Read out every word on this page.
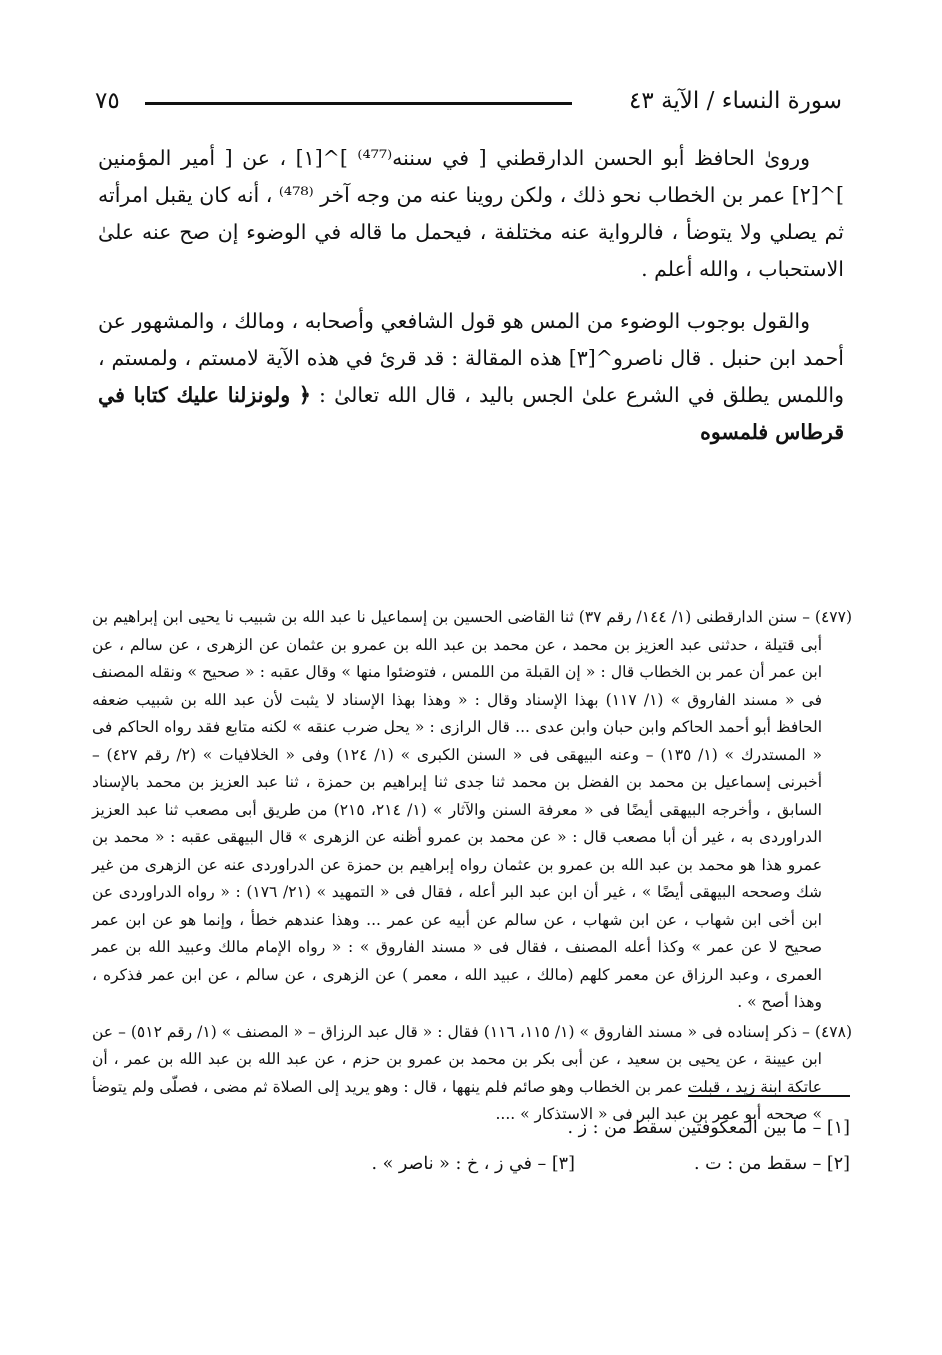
سورة النساء / الآية ٤٣
٧٥

ورویٰ الحافظ أبو الحسن الدارقطني [ في سننه⁽⁴⁷⁷⁾ ]^[١] ، عن [ أمير المؤمنين ]^[٢] عمر بن الخطاب نحو ذلك ، ولكن روينا عنه من وجه آخر ⁽⁴⁷⁸⁾ ، أنه كان يقبل امرأته ثم يصلي ولا يتوضأ ، فالرواية عنه مختلفة ، فيحمل ما قاله في الوضوء إن صح عنه علىٰ الاستحباب ، والله أعلم .

والقول بوجوب الوضوء من المس هو قول الشافعي وأصحابه ، ومالك ، والمشهور عن أحمد ابن حنبل . قال ناصرو^[٣] هذه المقالة : قد قرئ في هذه الآية لامستم ، ولمستم ، واللمس يطلق في الشرع علىٰ الجس باليد ، قال الله تعالىٰ : ﴿ ولونزلنا عليك كتابا في قرطاس فلمسوه

(٤٧٧) – سنن الدارقطنى (١/ ١٤٤/ رقم ٣٧) ثنا القاضى الحسين بن إسماعيل نا عبد الله بن شبيب نا يحيى ابن إبراهيم بن أبى قتيلة ، حدثنى عبد العزيز بن محمد ، عن محمد بن عبد الله بن عمرو بن عثمان عن الزهرى ، عن سالم ، عن ابن عمر أن عمر بن الخطاب قال : « إن القبلة من اللمس ، فتوضئوا منها » وقال عقبه : « صحيح » ونقله المصنف فى « مسند الفاروق » (١/ ١١٧) بهذا الإسناد وقال : « وهذا بهذا الإسناد لا يثبت لأن عبد الله بن شبيب ضعفه الحافظ أبو أحمد الحاكم وابن حبان وابن عدى ... قال الرازى : « يحل ضرب عنقه » لكنه متابع فقد رواه الحاكم فى « المستدرك » (١/ ١٣٥) – وعنه البيهقى فى « السنن الكبرى » (١/ ١٢٤) وفى « الخلافيات » (٢/ رقم ٤٢٧) – أخبرنى إسماعيل بن محمد بن الفضل بن محمد ثنا جدى ثنا إبراهيم بن حمزة ، ثنا عبد العزيز بن محمد بالإسناد السابق ، وأخرجه البيهقى أيضًا فى « معرفة السنن والآثار » (١/ ٢١٤، ٢١٥) من طريق أبى مصعب ثنا عبد العزيز الدراوردى به ، غير أن أبا مصعب قال : « عن محمد بن عمرو أظنه عن الزهرى » قال البيهقى عقبه : « محمد بن عمرو هذا هو محمد بن عبد الله بن عمرو بن عثمان رواه إبراهيم بن حمزة عن الدراوردى عنه عن الزهرى من غير شك وصححه البيهقى أيضًا » ، غير أن ابن عبد البر أعله ، فقال فى « التمهيد » (٢١/ ١٧٦) : « رواه الدراوردى عن ابن أخى ابن شهاب ، عن ابن شهاب ، عن سالم عن أبيه عن عمر ... وهذا عندهم خطأ ، وإنما هو عن ابن عمر صحيح لا عن عمر » وكذا أعله المصنف ، فقال فى « مسند الفاروق » : « رواه الإمام مالك وعبيد الله بن عمر العمرى ، وعبد الرزاق عن معمر كلهم (مالك ، عبيد الله ، معمر ) عن الزهرى ، عن سالم ، عن ابن عمر فذكره ، وهذا أصح » .

(٤٧٨) – ذكر إسناده فى « مسند الفاروق » (١/ ١١٥، ١١٦) فقال : « قال عبد الرزاق – « المصنف » (١/ رقم ٥١٢) – عن ابن عيينة ، عن يحيى بن سعيد ، عن أبى بكر بن محمد بن عمرو بن حزم ، عن عبد الله بن عبد الله بن عمر ، أن عاتكة ابنة زيد ، قبلت عمر بن الخطاب وهو صائم فلم ينهها ، قال : وهو يريد إلى الصلاة ثم مضى ، فصلّى ولم يتوضأ » صححه أبو عمر بن عبد البر فى « الاستذكار » ....

[١] – ما بين المعكوفتين سقط من : ز .
[٢] – سقط من : ت .  [٣] – في ز ، خ : « ناصر » .
